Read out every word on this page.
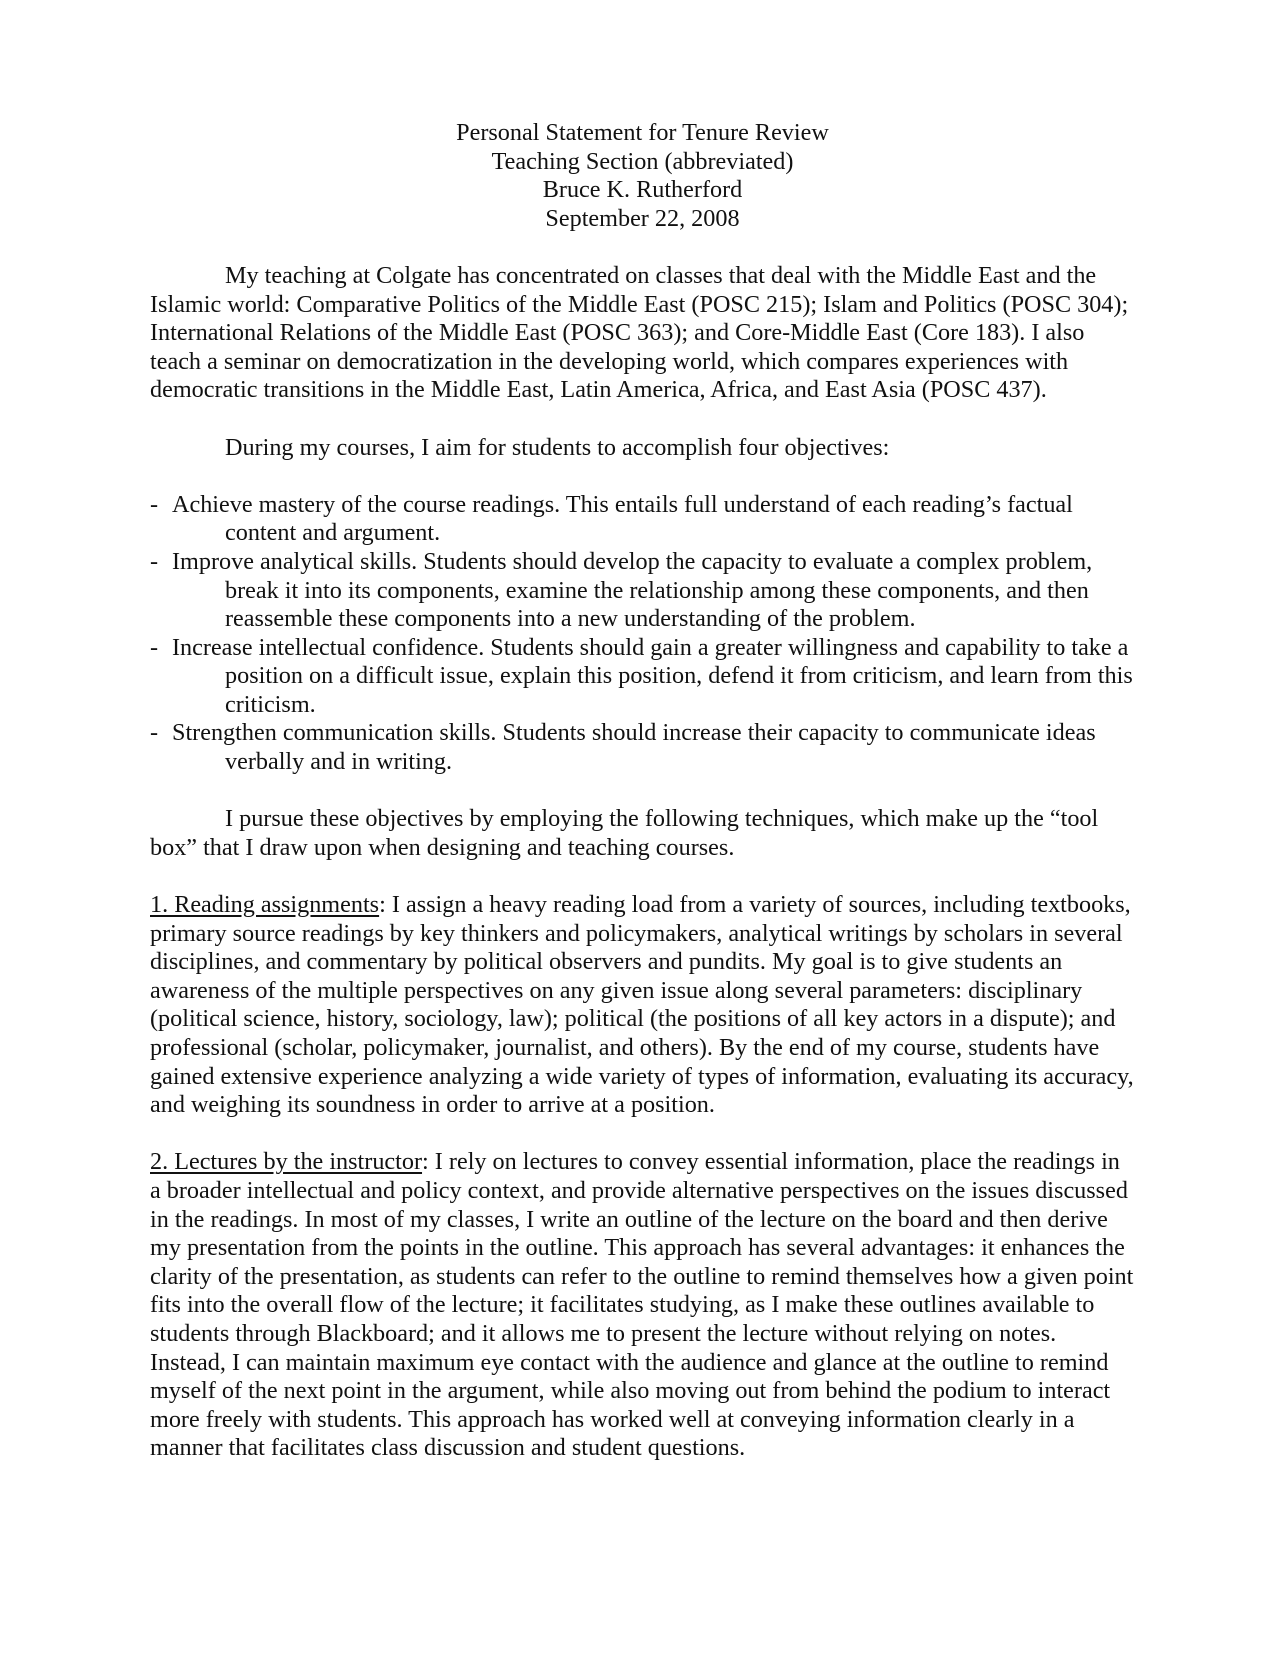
Personal Statement for Tenure Review
Teaching Section (abbreviated)
Bruce K. Rutherford
September 22, 2008

My teaching at Colgate has concentrated on classes that deal with the Middle East and the Islamic world: Comparative Politics of the Middle East (POSC 215); Islam and Politics (POSC 304); International Relations of the Middle East (POSC 363); and Core-Middle East (Core 183). I also teach a seminar on democratization in the developing world, which compares experiences with democratic transitions in the Middle East, Latin America, Africa, and East Asia (POSC 437).

During my courses, I aim for students to accomplish four objectives:

- Achieve mastery of the course readings. This entails full understand of each reading’s factual content and argument.
- Improve analytical skills. Students should develop the capacity to evaluate a complex problem, break it into its components, examine the relationship among these components, and then reassemble these components into a new understanding of the problem.
- Increase intellectual confidence. Students should gain a greater willingness and capability to take a position on a difficult issue, explain this position, defend it from criticism, and learn from this criticism.
- Strengthen communication skills. Students should increase their capacity to communicate ideas verbally and in writing.

I pursue these objectives by employing the following techniques, which make up the “tool box” that I draw upon when designing and teaching courses.

1. Reading assignments: I assign a heavy reading load from a variety of sources, including textbooks, primary source readings by key thinkers and policymakers, analytical writings by scholars in several disciplines, and commentary by political observers and pundits. My goal is to give students an awareness of the multiple perspectives on any given issue along several parameters: disciplinary (political science, history, sociology, law); political (the positions of all key actors in a dispute); and professional (scholar, policymaker, journalist, and others). By the end of my course, students have gained extensive experience analyzing a wide variety of types of information, evaluating its accuracy, and weighing its soundness in order to arrive at a position.

2. Lectures by the instructor: I rely on lectures to convey essential information, place the readings in a broader intellectual and policy context, and provide alternative perspectives on the issues discussed in the readings. In most of my classes, I write an outline of the lecture on the board and then derive my presentation from the points in the outline. This approach has several advantages: it enhances the clarity of the presentation, as students can refer to the outline to remind themselves how a given point fits into the overall flow of the lecture; it facilitates studying, as I make these outlines available to students through Blackboard; and it allows me to present the lecture without relying on notes. Instead, I can maintain maximum eye contact with the audience and glance at the outline to remind myself of the next point in the argument, while also moving out from behind the podium to interact more freely with students. This approach has worked well at conveying information clearly in a manner that facilitates class discussion and student questions.
